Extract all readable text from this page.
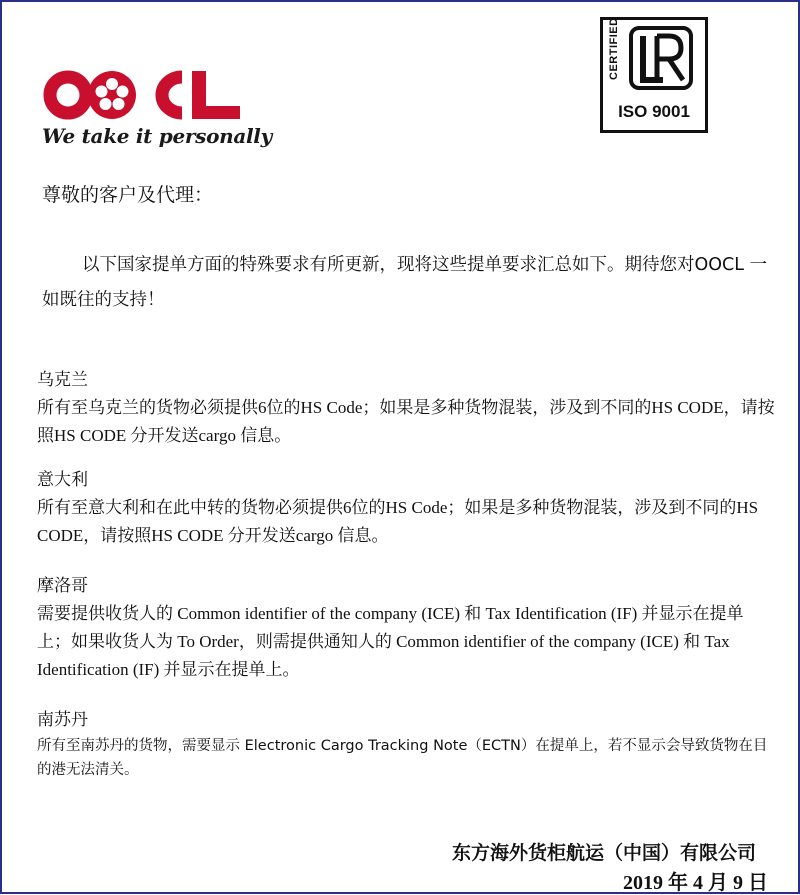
We take it personally
CERTIFIED
ISO 9001
尊敬的客户及代理：

以下国家提单方面的特殊要求有所更新，现将这些提单要求汇总如下。期待您对OOCL 一如既往的支持！

乌克兰

所有至乌克兰的货物必须提供6位的HS Code；如果是多种货物混装，涉及到不同的HS CODE，请按照HS CODE 分开发送cargo 信息。

意大利

所有至意大利和在此中转的货物必须提供6位的HS Code；如果是多种货物混装，涉及到不同的HS CODE，请按照HS CODE 分开发送cargo 信息。

摩洛哥

需要提供收货人的 Common identifier of the company (ICE) 和 Tax Identification (IF) 并显示在提单上；如果收货人为 To Order，则需提供通知人的 Common identifier of the company (ICE) 和 Tax Identification (IF) 并显示在提单上。

南苏丹

所有至南苏丹的货物，需要显示 Electronic Cargo Tracking Note（ECTN）在提单上，若不显示会导致货物在目的港无法清关。

东方海外货柜航运（中国）有限公司
2019 年 4 月 9 日
